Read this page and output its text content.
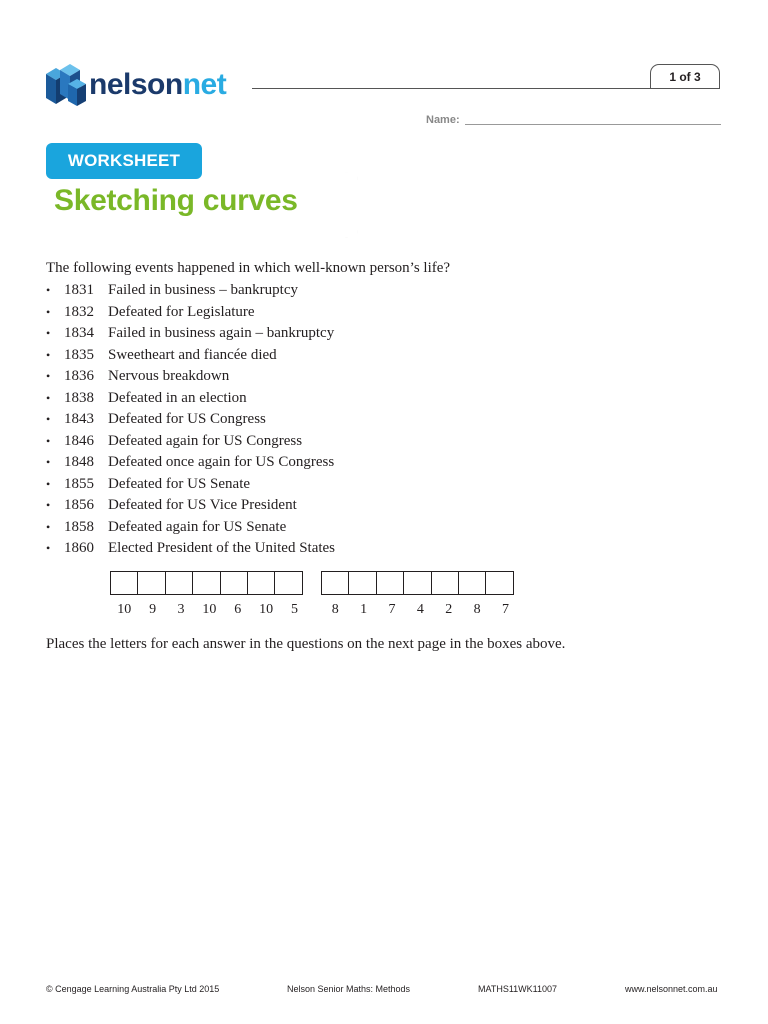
nelsonnet	1 of 3
Name:
WORKSHEET
Sketching curves
The following events happened in which well-known person’s life?
• 1831 Failed in business – bankruptcy
• 1832 Defeated for Legislature
• 1834 Failed in business again – bankruptcy
• 1835 Sweetheart and fiancée died
• 1836 Nervous breakdown
• 1838 Defeated in an election
• 1843 Defeated for US Congress
• 1846 Defeated again for US Congress
• 1848 Defeated once again for US Congress
• 1855 Defeated for US Senate
• 1856 Defeated for US Vice President
• 1858 Defeated again for US Senate
• 1860 Elected President of the United States
10	9	3	10	6	10	5	8	1	7	4	2	8	7
Places the letters for each answer in the questions on the next page in the boxes above.
© Cengage Learning Australia Pty Ltd 2015	Nelson Senior Maths: Methods	MATHS11WK11007	www.nelsonnet.com.au
